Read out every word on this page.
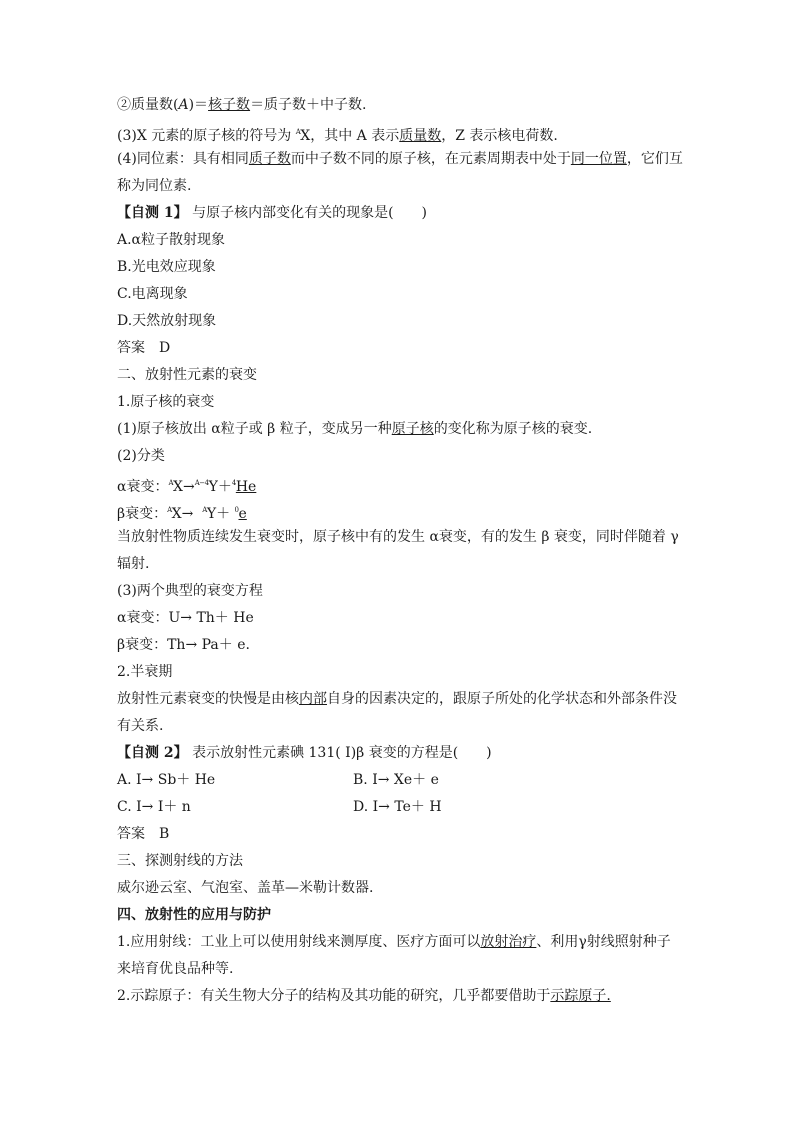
②质量数(A)＝核子数＝质子数＋中子数.
(3)X 元素的原子核的符号为 $^A$X，其中 A 表示质量数，Z 表示核电荷数.
(4)同位素：具有相同质子数而中子数不同的原子核，在元素周期表中处于同一位置，它们互
称为同位素.
【自测 1】 与原子核内部变化有关的现象是(　　)
A.α粒子散射现象
B.光电效应现象
C.电离现象
D.天然放射现象
答案　D
二、放射性元素的衰变
1.原子核的衰变
(1)原子核放出 α粒子或 β 粒子，变成另一种原子核的变化称为原子核的衰变.
(2)分类
α衰变：$^A$X→$^{A-4}$Y＋$^4$He
β衰变：$^A$X→ $^A$Y＋ $^0$e
当放射性物质连续发生衰变时，原子核中有的发生 α衰变，有的发生 β 衰变，同时伴随着 γ
辐射.
(3)两个典型的衰变方程
α衰变：U→ Th＋ He
β衰变：Th→ Pa＋ e.
2.半衰期
放射性元素衰变的快慢是由核内部自身的因素决定的，跟原子所处的化学状态和外部条件没
有关系.
【自测 2】 表示放射性元素碘 131( I)β 衰变的方程是(　　)
A. I→ Sb＋ He	B. I→ Xe＋ e
C. I→ I＋ n	D. I→ Te＋ H
答案　B
三、探测射线的方法
威尔逊云室、气泡室、盖革—米勒计数器.
四、放射性的应用与防护
1.应用射线：工业上可以使用射线来测厚度、医疗方面可以放射治疗、利用γ射线照射种子
来培育优良品种等.
2.示踪原子：有关生物大分子的结构及其功能的研究，几乎都要借助于示踪原子.
